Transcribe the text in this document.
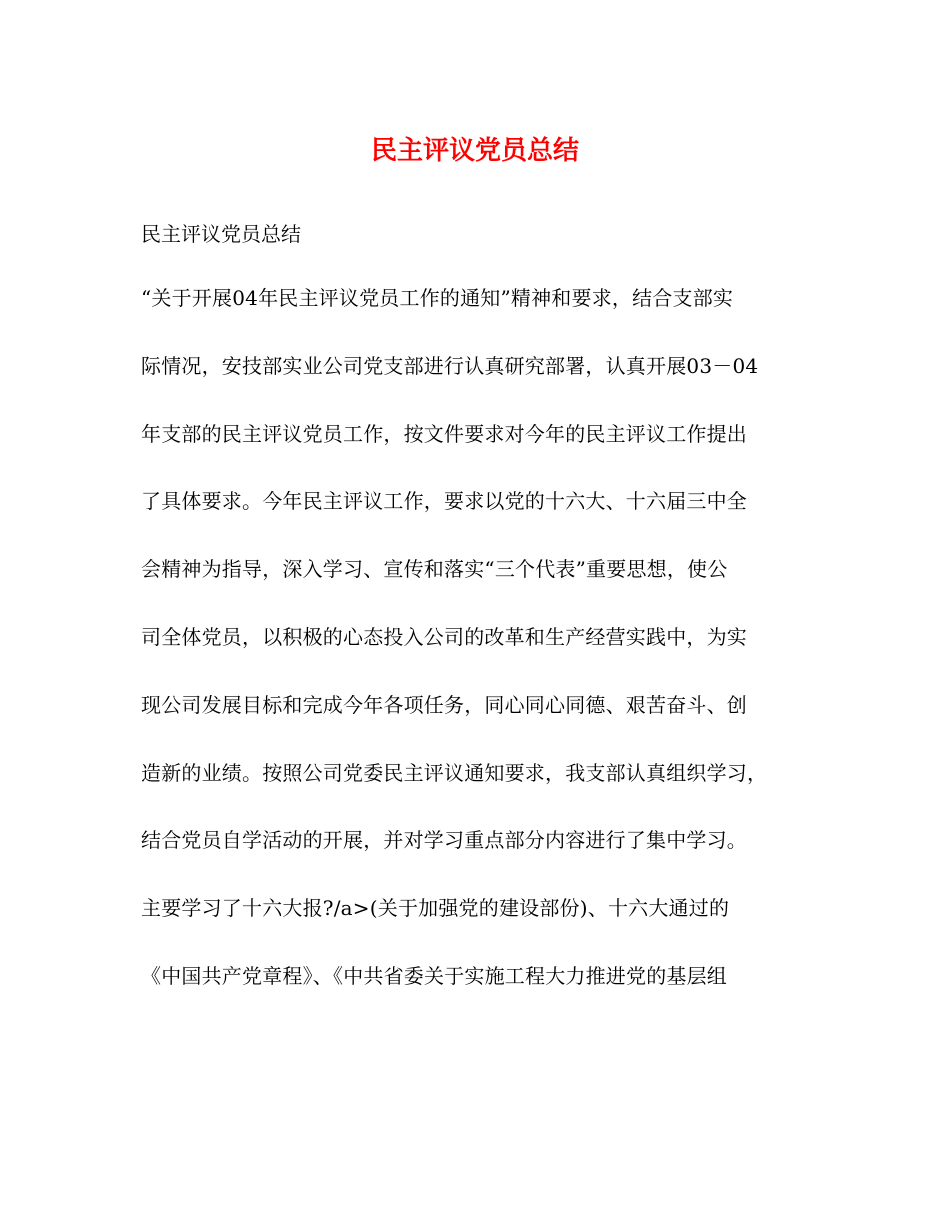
民主评议党员总结

民主评议党员总结

“关于开展04年民主评议党员工作的通知”精神和要求，结合支部实
际情况，安技部实业公司党支部进行认真研究部署，认真开展03－04
年支部的民主评议党员工作，按文件要求对今年的民主评议工作提出
了具体要求。今年民主评议工作，要求以党的十六大、十六届三中全
会精神为指导，深入学习、宣传和落实“三个代表”重要思想，使公
司全体党员，以积极的心态投入公司的改革和生产经营实践中，为实
现公司发展目标和完成今年各项任务，同心同心同德、艰苦奋斗、创
造新的业绩。按照公司党委民主评议通知要求，我支部认真组织学习，
结合党员自学活动的开展，并对学习重点部分内容进行了集中学习。
主要学习了十六大报?/a>(关于加强党的建设部份)、十六大通过的
《中国共产党章程》、《中共省委关于实施工程大力推进党的基层组
